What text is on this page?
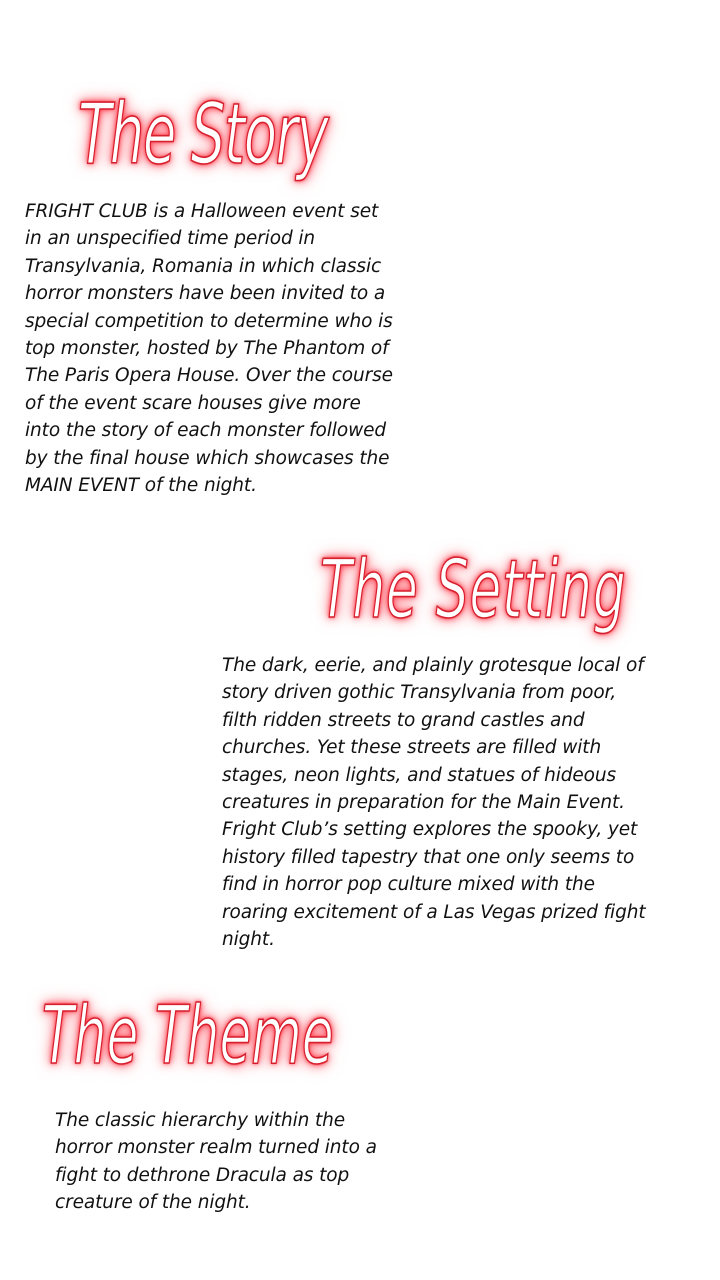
The Story

FRIGHT CLUB is a Halloween event set
in an unspecified time period in
Transylvania, Romania in which classic
horror monsters have been invited to a
special competition to determine who is
top monster, hosted by The Phantom of
The Paris Opera House. Over the course
of the event scare houses give more
into the story of each monster followed
by the final house which showcases the
MAIN EVENT of the night.

The Setting

The dark, eerie, and plainly grotesque local of
story driven gothic Transylvania from poor,
filth ridden streets to grand castles and
churches. Yet these streets are filled with
stages, neon lights, and statues of hideous
creatures in preparation for the Main Event.
Fright Club’s setting explores the spooky, yet
history filled tapestry that one only seems to
find in horror pop culture mixed with the
roaring excitement of a Las Vegas prized fight
night.

The Theme

The classic hierarchy within the
horror monster realm turned into a
fight to dethrone Dracula as top
creature of the night.
